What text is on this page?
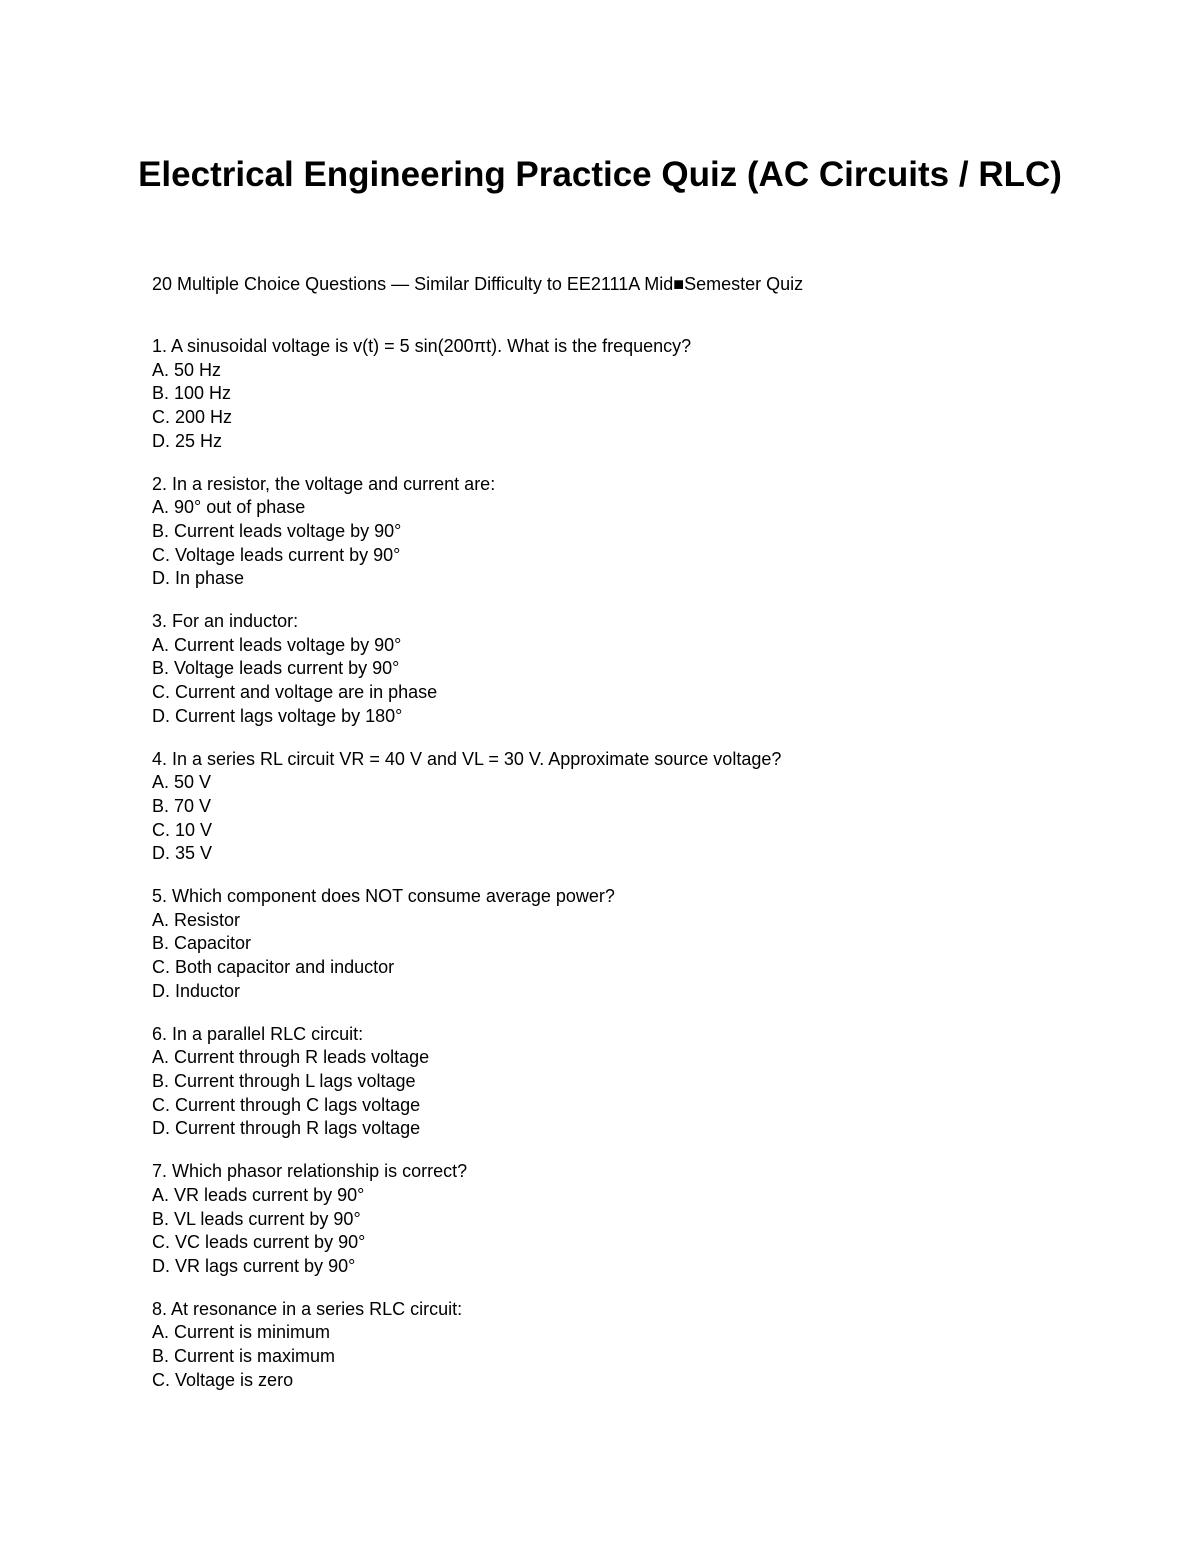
Electrical Engineering Practice Quiz (AC Circuits / RLC)

20 Multiple Choice Questions — Similar Difficulty to EE2111A Mid■Semester Quiz

1. A sinusoidal voltage is v(t) = 5 sin(200πt). What is the frequency?

A. 50 Hz

B. 100 Hz

C. 200 Hz

D. 25 Hz

2. In a resistor, the voltage and current are:

A. 90° out of phase

B. Current leads voltage by 90°

C. Voltage leads current by 90°

D. In phase

3. For an inductor:

A. Current leads voltage by 90°

B. Voltage leads current by 90°

C. Current and voltage are in phase

D. Current lags voltage by 180°

4. In a series RL circuit VR = 40 V and VL = 30 V. Approximate source voltage?

A. 50 V

B. 70 V

C. 10 V

D. 35 V

5. Which component does NOT consume average power?

A. Resistor

B. Capacitor

C. Both capacitor and inductor

D. Inductor

6. In a parallel RLC circuit:

A. Current through R leads voltage

B. Current through L lags voltage

C. Current through C lags voltage

D. Current through R lags voltage

7. Which phasor relationship is correct?

A. VR leads current by 90°

B. VL leads current by 90°

C. VC leads current by 90°

D. VR lags current by 90°

8. At resonance in a series RLC circuit:

A. Current is minimum

B. Current is maximum

C. Voltage is zero
